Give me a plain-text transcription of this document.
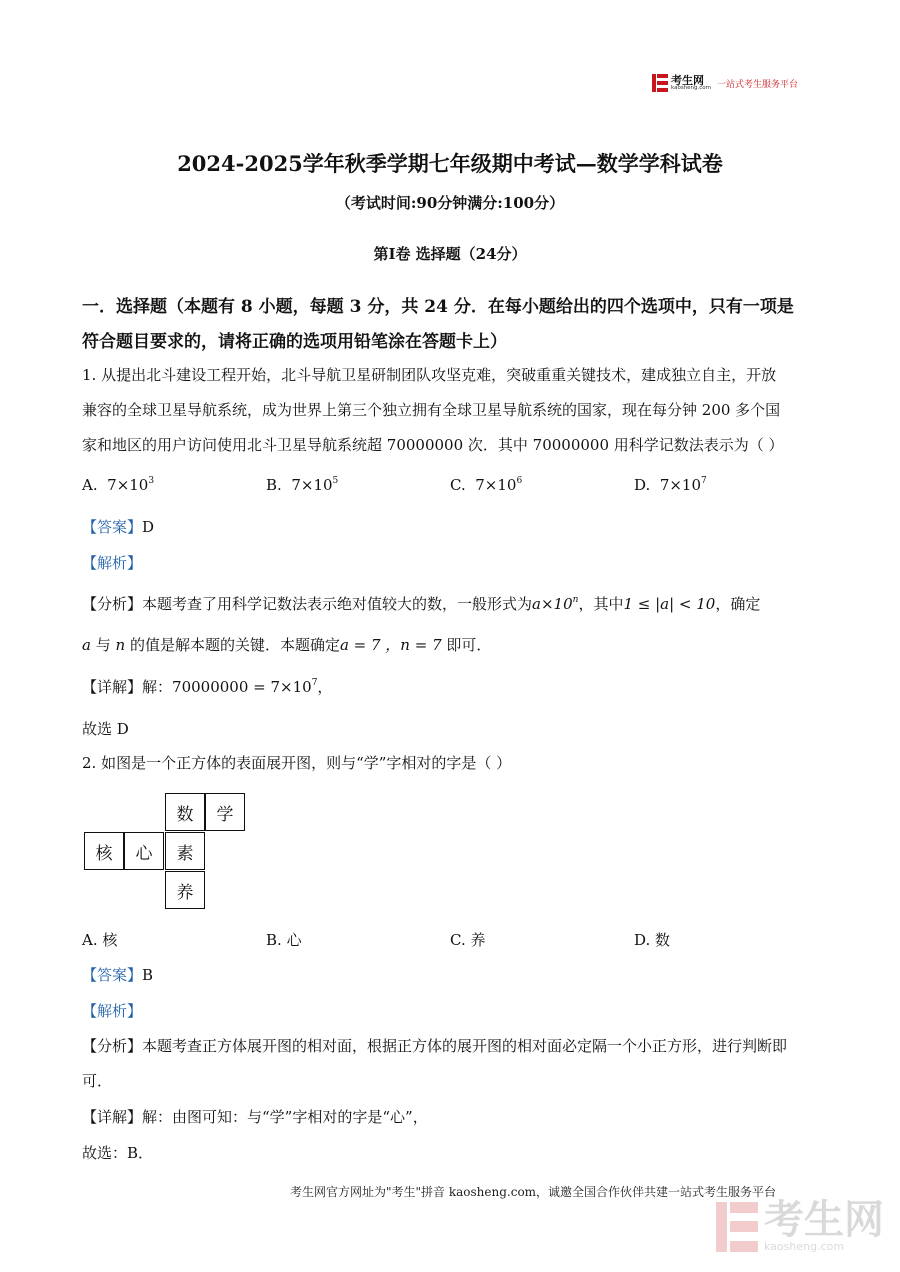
考生网
kaosheng.com 一站式考生服务平台
2024-2025学年秋季学期七年级期中考试—数学学科试卷
（考试时间:90分钟满分:100分）
第Ⅰ卷 选择题（24分）
一．选择题（本题有 8 小题，每题 3 分，共 24 分．在每小题给出的四个选项中，只有一项是
符合题目要求的，请将正确的选项用铅笔涂在答题卡上）
1. 从提出北斗建设工程开始，北斗导航卫星研制团队攻坚克难，突破重重关键技术，建成独立自主，开放
兼容的全球卫星导航系统，成为世界上第三个独立拥有全球卫星导航系统的国家，现在每分钟 200 多个国
家和地区的用户访问使用北斗卫星导航系统超 70000000 次．其中 70000000 用科学记数法表示为（ ）
A. $7\times 10^3$	B. $7\times 10^5$	C. $7\times 10^6$	D. $7\times 10^7$
【答案】D
【解析】
【分析】本题考查了用科学记数法表示绝对值较大的数，一般形式为$a\times 10^n$，其中1 ≤ |a| < 10，确定
a 与 n 的值是解本题的关键．本题确定a = 7 ，n = 7 即可．
【详解】解：$70000000 = 7\times 10^7$，
故选 D
2. 如图是一个正方体的表面展开图，则与“学”字相对的字是（ ）
数	学
核	心	素
养
A. 核	B. 心	C. 养	D. 数
【答案】B
【解析】
【分析】本题考查正方体展开图的相对面，根据正方体的展开图的相对面必定隔一个小正方形，进行判断即
可．
【详解】解：由图可知：与“学”字相对的字是“心”，
故选：B．
考生网官方网址为"考生"拼音 kaosheng.com，诚邀全国合作伙伴共建一站式考生服务平台
考生网
kaosheng.com
